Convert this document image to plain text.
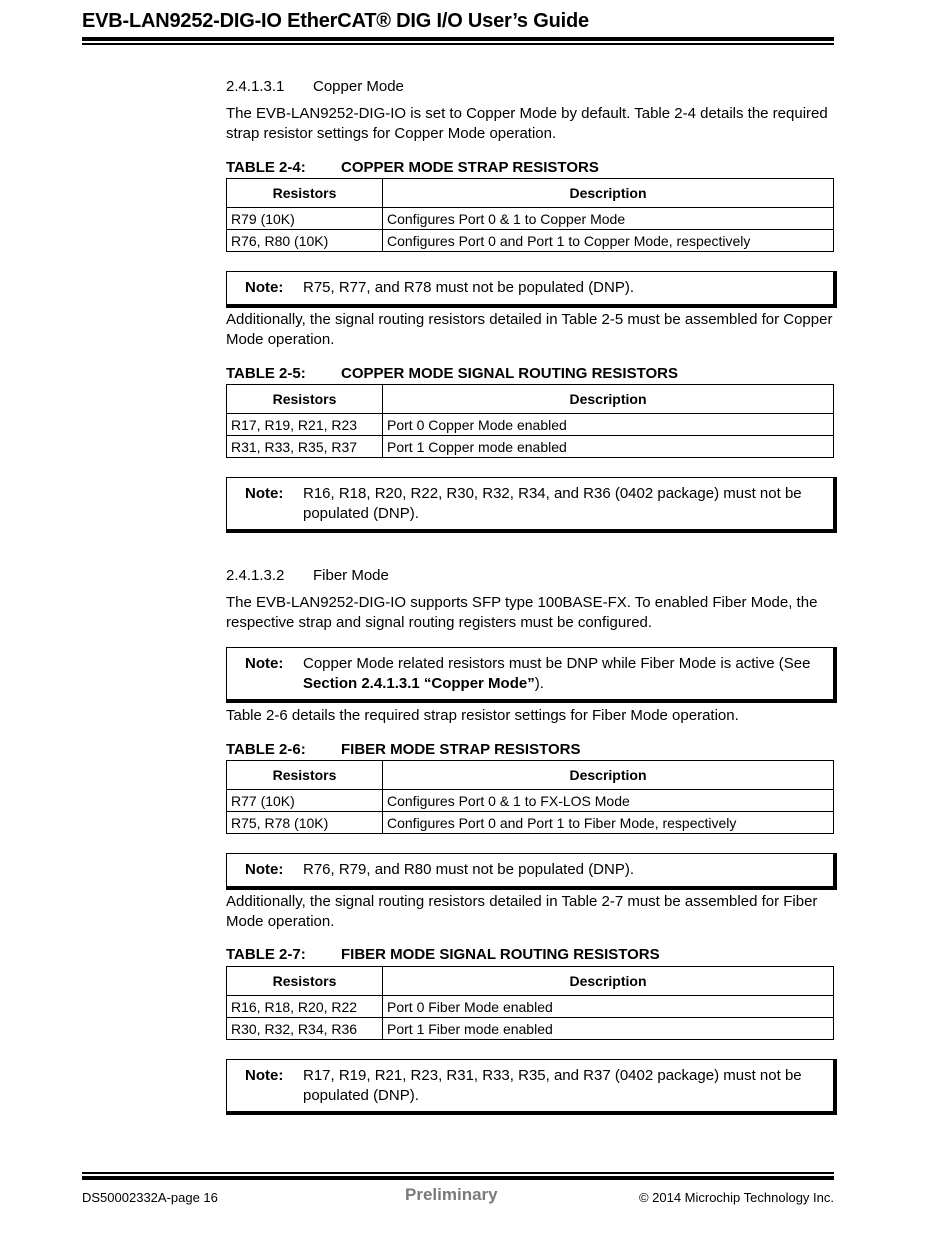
EVB-LAN9252-DIG-IO EtherCAT® DIG I/O User’s Guide
2.4.1.3.1 Copper Mode

The EVB-LAN9252-DIG-IO is set to Copper Mode by default. Table 2-4 details the required strap resistor settings for Copper Mode operation.

TABLE 2-4: COPPER MODE STRAP RESISTORS
Resistors	Description
R79 (10K)	Configures Port 0 & 1 to Copper Mode
R76, R80 (10K)	Configures Port 0 and Port 1 to Copper Mode, respectively
Note: R75, R77, and R78 must not be populated (DNP).

Additionally, the signal routing resistors detailed in Table 2-5 must be assembled for Copper Mode operation.

TABLE 2-5: COPPER MODE SIGNAL ROUTING RESISTORS
Resistors	Description
R17, R19, R21, R23	Port 0 Copper Mode enabled
R31, R33, R35, R37	Port 1 Copper mode enabled
Note: R16, R18, R20, R22, R30, R32, R34, and R36 (0402 package) must not be populated (DNP).
2.4.1.3.2 Fiber Mode

The EVB-LAN9252-DIG-IO supports SFP type 100BASE-FX. To enabled Fiber Mode, the respective strap and signal routing registers must be configured.

Note: Copper Mode related resistors must be DNP while Fiber Mode is active (See Section 2.4.1.3.1 “Copper Mode”).

Table 2-6 details the required strap resistor settings for Fiber Mode operation.

TABLE 2-6: FIBER MODE STRAP RESISTORS
Resistors	Description
R77 (10K)	Configures Port 0 & 1 to FX-LOS Mode
R75, R78 (10K)	Configures Port 0 and Port 1 to Fiber Mode, respectively
Note: R76, R79, and R80 must not be populated (DNP).

Additionally, the signal routing resistors detailed in Table 2-7 must be assembled for Fiber Mode operation.

TABLE 2-7: FIBER MODE SIGNAL ROUTING RESISTORS
Resistors	Description
R16, R18, R20, R22	Port 0 Fiber Mode enabled
R30, R32, R34, R36	Port 1 Fiber mode enabled
Note: R17, R19, R21, R23, R31, R33, R35, and R37 (0402 package) must not be populated (DNP).
DS50002332A-page 16	Preliminary	© 2014 Microchip Technology Inc.
